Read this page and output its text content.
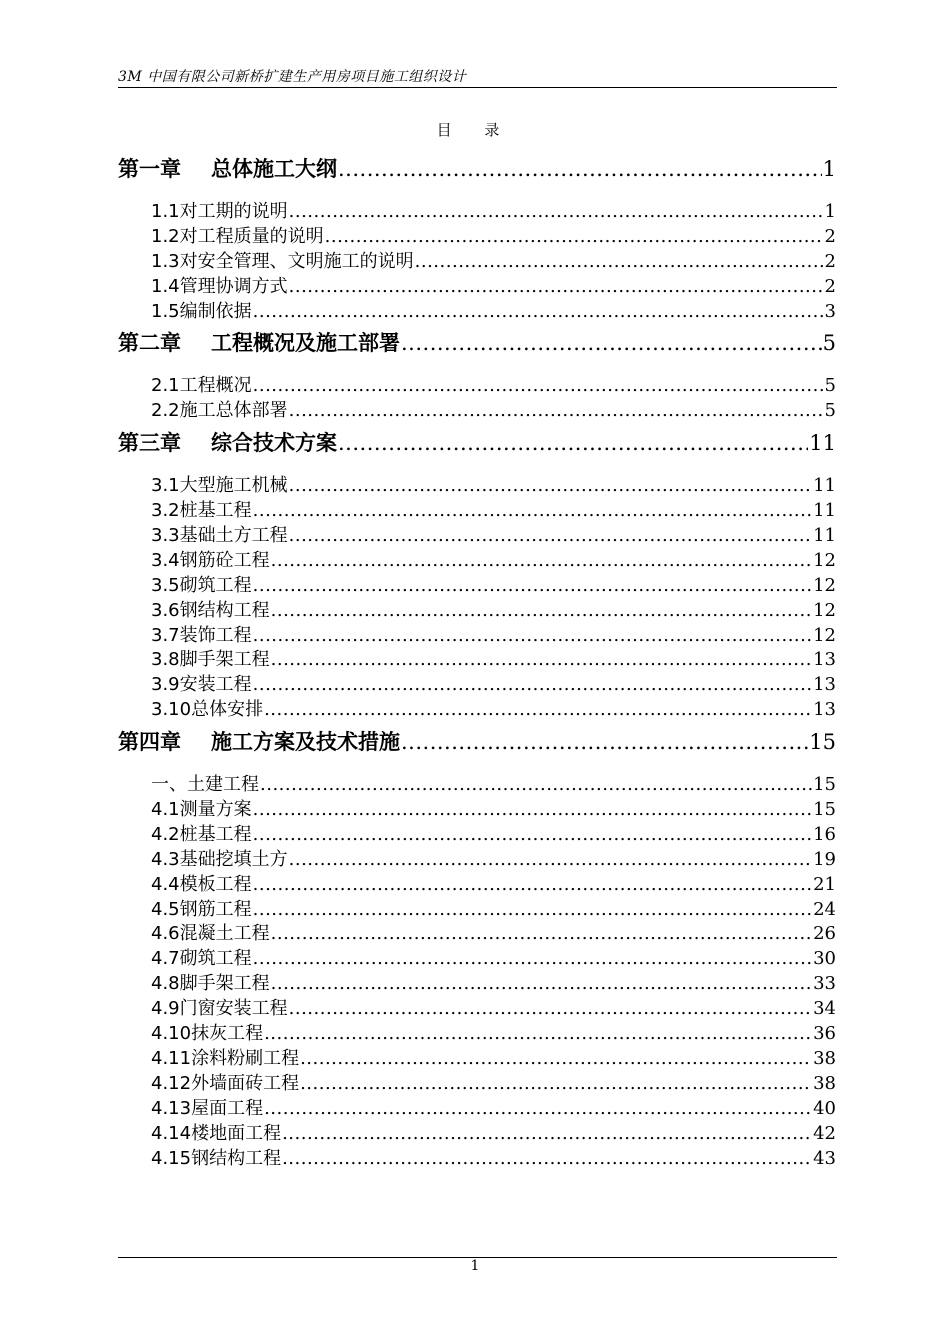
3M 中国有限公司新桥扩建生产用房项目施工组织设计
目 录
第一章 总体施工大纲 .....	1
1.1对工期的说明 .....	1
1.2对工程质量的说明 .....	2
1.3对安全管理、文明施工的说明 .....	2
1.4管理协调方式 .....	2
1.5编制依据 .....	3
第二章 工程概况及施工部署 .....	5
2.1工程概况 .....	5
2.2施工总体部署 .....	5
第三章 综合技术方案 .....	11
3.1大型施工机械 .....	11
3.2桩基工程 .....	11
3.3基础土方工程 .....	11
3.4钢筋砼工程 .....	12
3.5砌筑工程 .....	12
3.6钢结构工程 .....	12
3.7装饰工程 .....	12
3.8脚手架工程 .....	13
3.9安装工程 .....	13
3.10总体安排 .....	13
第四章 施工方案及技术措施 .....	15
一、土建工程 .....	15
4.1测量方案 .....	15
4.2桩基工程 .....	16
4.3基础挖填土方 .....	19
4.4模板工程 .....	21
4.5钢筋工程 .....	24
4.6混凝土工程 .....	26
4.7砌筑工程 .....	30
4.8脚手架工程 .....	33
4.9门窗安装工程 .....	34
4.10抹灰工程 .....	36
4.11涂料粉刷工程 .....	38
4.12外墙面砖工程 .....	38
4.13屋面工程 .....	40
4.14楼地面工程 .....	42
4.15钢结构工程 .....	43
1
